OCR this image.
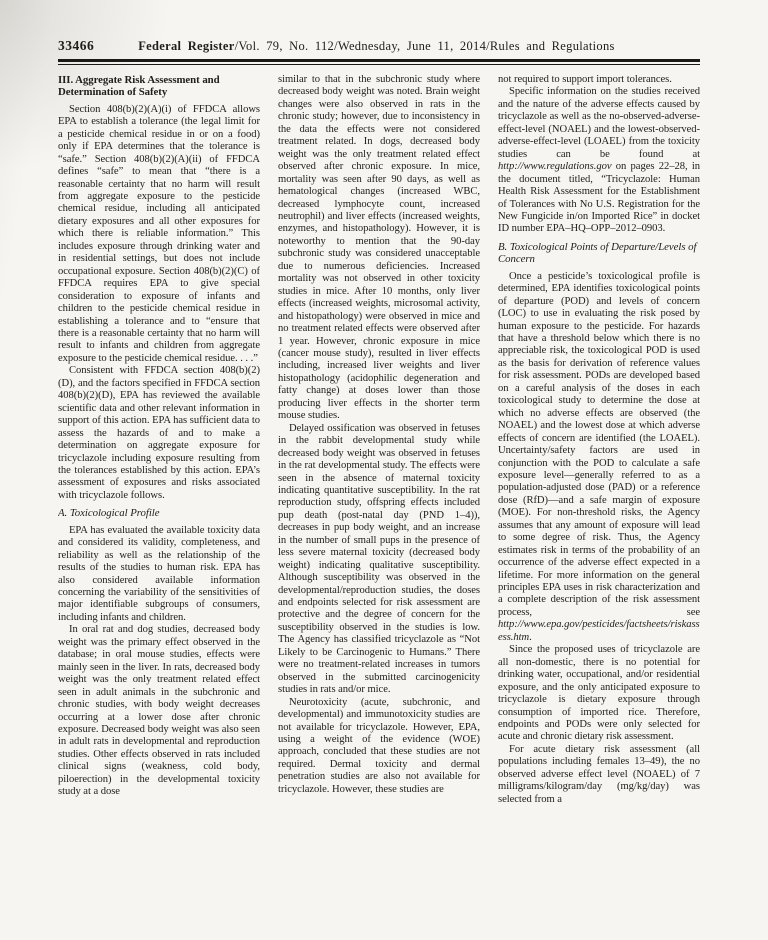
33466	Federal Register/Vol. 79, No. 112/Wednesday, June 11, 2014/Rules and Regulations
III. Aggregate Risk Assessment and Determination of Safety

Section 408(b)(2)(A)(i) of FFDCA allows EPA to establish a tolerance (the legal limit for a pesticide chemical residue in or on a food) only if EPA determines that the tolerance is “safe.” Section 408(b)(2)(A)(ii) of FFDCA defines “safe” to mean that “there is a reasonable certainty that no harm will result from aggregate exposure to the pesticide chemical residue, including all anticipated dietary exposures and all other exposures for which there is reliable information.” This includes exposure through drinking water and in residential settings, but does not include occupational exposure. Section 408(b)(2)(C) of FFDCA requires EPA to give special consideration to exposure of infants and children to the pesticide chemical residue in establishing a tolerance and to “ensure that there is a reasonable certainty that no harm will result to infants and children from aggregate exposure to the pesticide chemical residue. . . .”

Consistent with FFDCA section 408(b)(2)(D), and the factors specified in FFDCA section 408(b)(2)(D), EPA has reviewed the available scientific data and other relevant information in support of this action. EPA has sufficient data to assess the hazards of and to make a determination on aggregate exposure for tricyclazole including exposure resulting from the tolerances established by this action. EPA’s assessment of exposures and risks associated with tricyclazole follows.

A. Toxicological Profile

EPA has evaluated the available toxicity data and considered its validity, completeness, and reliability as well as the relationship of the results of the studies to human risk. EPA has also considered available information concerning the variability of the sensitivities of major identifiable subgroups of consumers, including infants and children.

In oral rat and dog studies, decreased body weight was the primary effect observed in the database; in oral mouse studies, effects were mainly seen in the liver. In rats, decreased body weight was the only treatment related effect seen in adult animals in the subchronic and chronic studies, with body weight decreases occurring at a lower dose after chronic exposure. Decreased body weight was also seen in adult rats in developmental and reproduction studies. Other effects observed in rats included clinical signs (weakness, cold body, piloerection) in the developmental toxicity study at a dose

similar to that in the subchronic study where decreased body weight was noted. Brain weight changes were also observed in rats in the chronic study; however, due to inconsistency in the data the effects were not considered treatment related. In dogs, decreased body weight was the only treatment related effect observed after chronic exposure. In mice, mortality was seen after 90 days, as well as hematological changes (increased WBC, decreased lymphocyte count, increased neutrophil) and liver effects (increased weights, enzymes, and histopathology). However, it is noteworthy to mention that the 90-day subchronic study was considered unacceptable due to numerous deficiencies. Increased mortality was not observed in other toxicity studies in mice. After 10 months, only liver effects (increased weights, microsomal activity, and histopathology) were observed in mice and no treatment related effects were observed after 1 year. However, chronic exposure in mice (cancer mouse study), resulted in liver effects including, increased liver weights and liver histopathology (acidophilic degeneration and fatty change) at doses lower than those producing liver effects in the shorter term mouse studies.

Delayed ossification was observed in fetuses in the rabbit developmental study while decreased body weight was observed in fetuses in the rat developmental study. The effects were seen in the absence of maternal toxicity indicating quantitative susceptibility. In the rat reproduction study, offspring effects included pup death (post-natal day (PND 1–4)), decreases in pup body weight, and an increase in the number of small pups in the presence of less severe maternal toxicity (decreased body weight) indicating qualitative susceptibility. Although susceptibility was observed in the developmental/reproduction studies, the doses and endpoints selected for risk assessment are protective and the degree of concern for the susceptibility observed in the studies is low. The Agency has classified tricyclazole as “Not Likely to be Carcinogenic to Humans.” There were no treatment-related increases in tumors observed in the submitted carcinogenicity studies in rats and/or mice.

Neurotoxicity (acute, subchronic, and developmental) and immunotoxicity studies are not available for tricyclazole. However, EPA, using a weight of the evidence (WOE) approach, concluded that these studies are not required. Dermal toxicity and dermal penetration studies are also not available for tricyclazole. However, these studies are

not required to support import tolerances.

Specific information on the studies received and the nature of the adverse effects caused by tricyclazole as well as the no-observed-adverse-effect-level (NOAEL) and the lowest-observed-adverse-effect-level (LOAEL) from the toxicity studies can be found at http://www.regulations.gov on pages 22–28, in the document titled, “Tricyclazole: Human Health Risk Assessment for the Establishment of Tolerances with No U.S. Registration for the New Fungicide in/on Imported Rice” in docket ID number EPA–HQ–OPP–2012–0903.

B. Toxicological Points of Departure/Levels of Concern

Once a pesticide’s toxicological profile is determined, EPA identifies toxicological points of departure (POD) and levels of concern (LOC) to use in evaluating the risk posed by human exposure to the pesticide. For hazards that have a threshold below which there is no appreciable risk, the toxicological POD is used as the basis for derivation of reference values for risk assessment. PODs are developed based on a careful analysis of the doses in each toxicological study to determine the dose at which no adverse effects are observed (the NOAEL) and the lowest dose at which adverse effects of concern are identified (the LOAEL). Uncertainty/safety factors are used in conjunction with the POD to calculate a safe exposure level—generally referred to as a population-adjusted dose (PAD) or a reference dose (RfD)—and a safe margin of exposure (MOE). For non-threshold risks, the Agency assumes that any amount of exposure will lead to some degree of risk. Thus, the Agency estimates risk in terms of the probability of an occurrence of the adverse effect expected in a lifetime. For more information on the general principles EPA uses in risk characterization and a complete description of the risk assessment process, see http://www.epa.gov/pesticides/factsheets/riskassess.htm.

Since the proposed uses of tricyclazole are all non-domestic, there is no potential for drinking water, occupational, and/or residential exposure, and the only anticipated exposure to tricyclazole is dietary exposure through consumption of imported rice. Therefore, endpoints and PODs were only selected for acute and chronic dietary risk assessment.

For acute dietary risk assessment (all populations including females 13–49), the no observed adverse effect level (NOAEL) of 7 milligrams/kilogram/day (mg/kg/day) was selected from a
